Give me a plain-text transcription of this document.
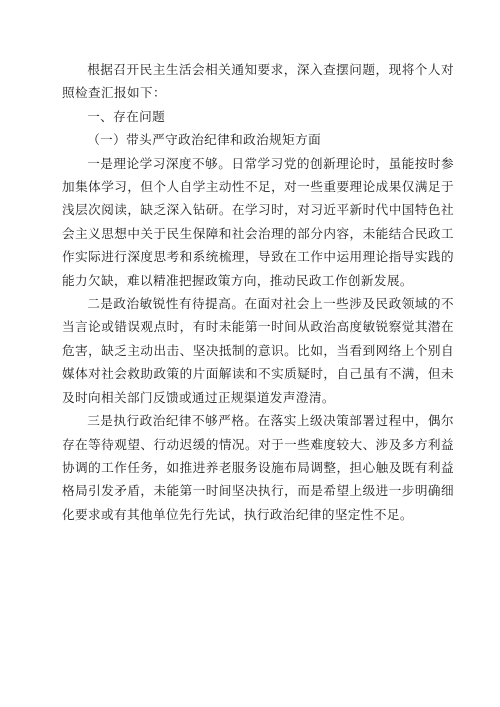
根据召开民主生活会相关通知要求，深入查摆问题，现将个人对照检查汇报如下：

一、存在问题

（一）带头严守政治纪律和政治规矩方面

一是理论学习深度不够。日常学习党的创新理论时，虽能按时参加集体学习，但个人自学主动性不足，对一些重要理论成果仅满足于浅层次阅读，缺乏深入钻研。在学习时，对习近平新时代中国特色社会主义思想中关于民生保障和社会治理的部分内容，未能结合民政工作实际进行深度思考和系统梳理，导致在工作中运用理论指导实践的能力欠缺，难以精准把握政策方向，推动民政工作创新发展。

二是政治敏锐性有待提高。在面对社会上一些涉及民政领域的不当言论或错误观点时，有时未能第一时间从政治高度敏锐察觉其潜在危害，缺乏主动出击、坚决抵制的意识。比如，当看到网络上个别自媒体对社会救助政策的片面解读和不实质疑时，自己虽有不满，但未及时向相关部门反馈或通过正规渠道发声澄清。

三是执行政治纪律不够严格。在落实上级决策部署过程中，偶尔存在等待观望、行动迟缓的情况。对于一些难度较大、涉及多方利益协调的工作任务，如推进养老服务设施布局调整，担心触及既有利益格局引发矛盾，未能第一时间坚决执行，而是希望上级进一步明确细化要求或有其他单位先行先试，执行政治纪律的坚定性不足。
